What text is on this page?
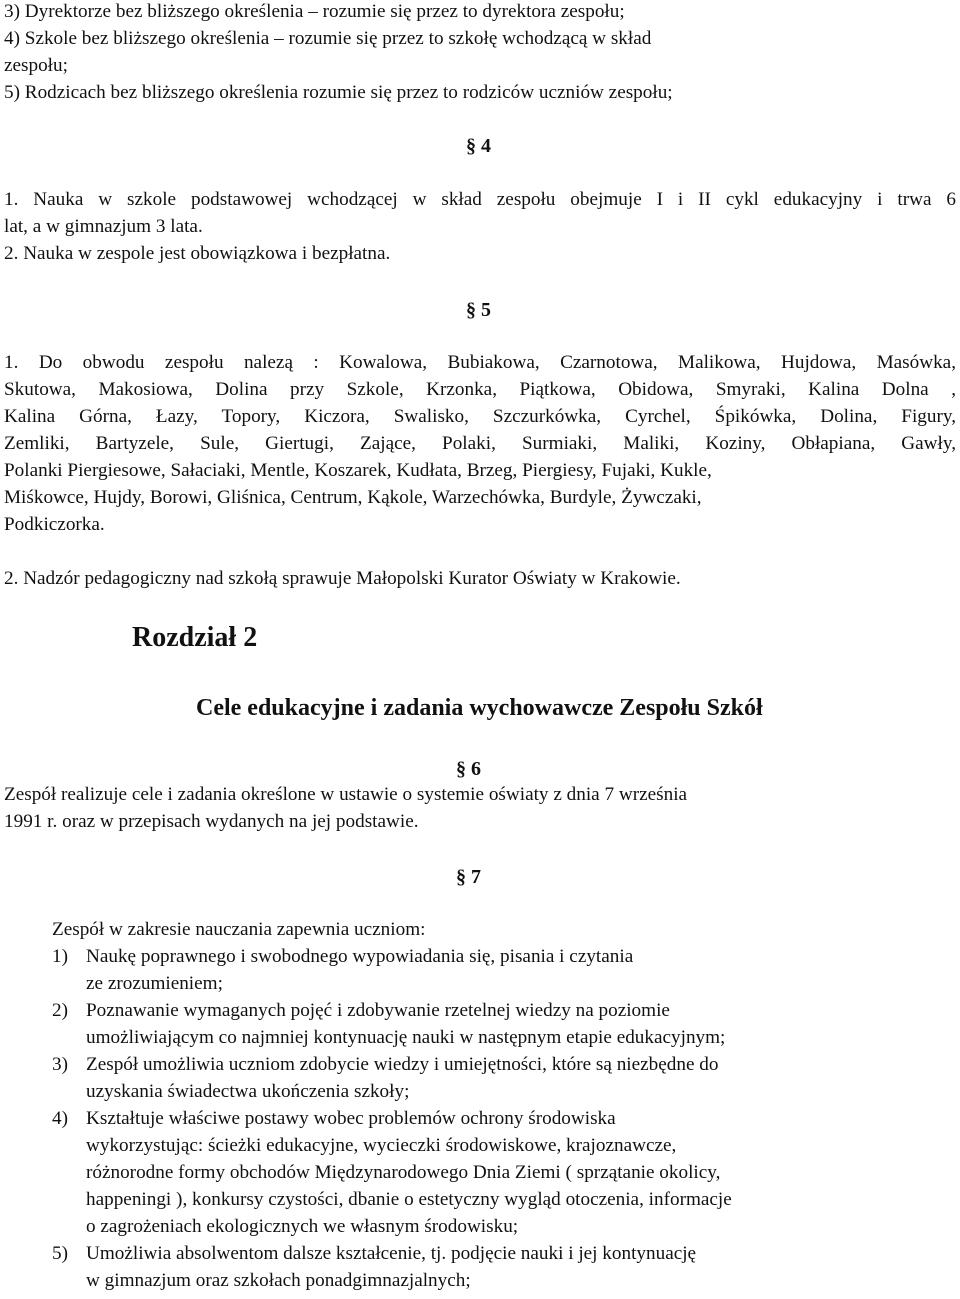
3) Dyrektorze bez bliższego określenia – rozumie się przez to dyrektora zespołu;

4) Szkole bez bliższego określenia – rozumie się przez to szkołę wchodzącą w skład

zespołu;

5) Rodzicach bez bliższego określenia rozumie się przez to rodziców uczniów zespołu;

§ 4

1. Nauka w szkole podstawowej wchodzącej w skład zespołu obejmuje I i II cykl edukacyjny i trwa 6

lat, a w gimnazjum 3 lata.

2. Nauka w zespole jest obowiązkowa i bezpłatna.

§ 5

1. Do obwodu zespołu nalezą : Kowalowa, Bubiakowa, Czarnotowa, Malikowa, Hujdowa, Masówka,

Skutowa, Makosiowa, Dolina przy Szkole, Krzonka, Piątkowa, Obidowa, Smyraki, Kalina Dolna ,

Kalina Górna, Łazy, Topory, Kiczora, Swalisko, Szczurkówka, Cyrchel, Śpikówka, Dolina, Figury,

Zemliki, Bartyzele, Sule, Giertugi, Zające, Polaki, Surmiaki, Maliki, Koziny, Obłapiana, Gawły,

Polanki Piergiesowe, Sałaciaki, Mentle, Koszarek, Kudłata, Brzeg, Piergiesy, Fujaki, Kukle,

Miśkowce, Hujdy, Borowi, Gliśnica, Centrum, Kąkole, Warzechówka, Burdyle, Żywczaki,

Podkiczorka.

2. Nadzór pedagogiczny nad szkołą sprawuje Małopolski Kurator Oświaty w Krakowie.

Rozdział 2
Cele edukacyjne i zadania wychowawcze Zespołu Szkół
§ 6

Zespół realizuje cele i zadania określone w ustawie o systemie oświaty z dnia 7 września

1991 r. oraz w przepisach wydanych na jej podstawie.

§ 7

Zespół w zakresie nauczania zapewnia uczniom:

1) Naukę poprawnego i swobodnego wypowiadania się, pisania i czytania
ze zrozumieniem;
2) Poznawanie wymaganych pojęć i zdobywanie rzetelnej wiedzy na poziomie
umożliwiającym co najmniej kontynuację nauki w następnym etapie edukacyjnym;
3) Zespół umożliwia uczniom zdobycie wiedzy i umiejętności, które są niezbędne do
uzyskania świadectwa ukończenia szkoły;
4) Kształtuje właściwe postawy wobec problemów ochrony środowiska
wykorzystując: ścieżki edukacyjne, wycieczki środowiskowe, krajoznawcze,
różnorodne formy obchodów Międzynarodowego Dnia Ziemi ( sprzątanie okolicy,
happeningi ), konkursy czystości, dbanie o estetyczny wygląd otoczenia, informacje
o zagrożeniach ekologicznych we własnym środowisku;
5) Umożliwia absolwentom dalsze kształcenie, tj. podjęcie nauki i jej kontynuację
w gimnazjum oraz szkołach ponadgimnazjalnych;
